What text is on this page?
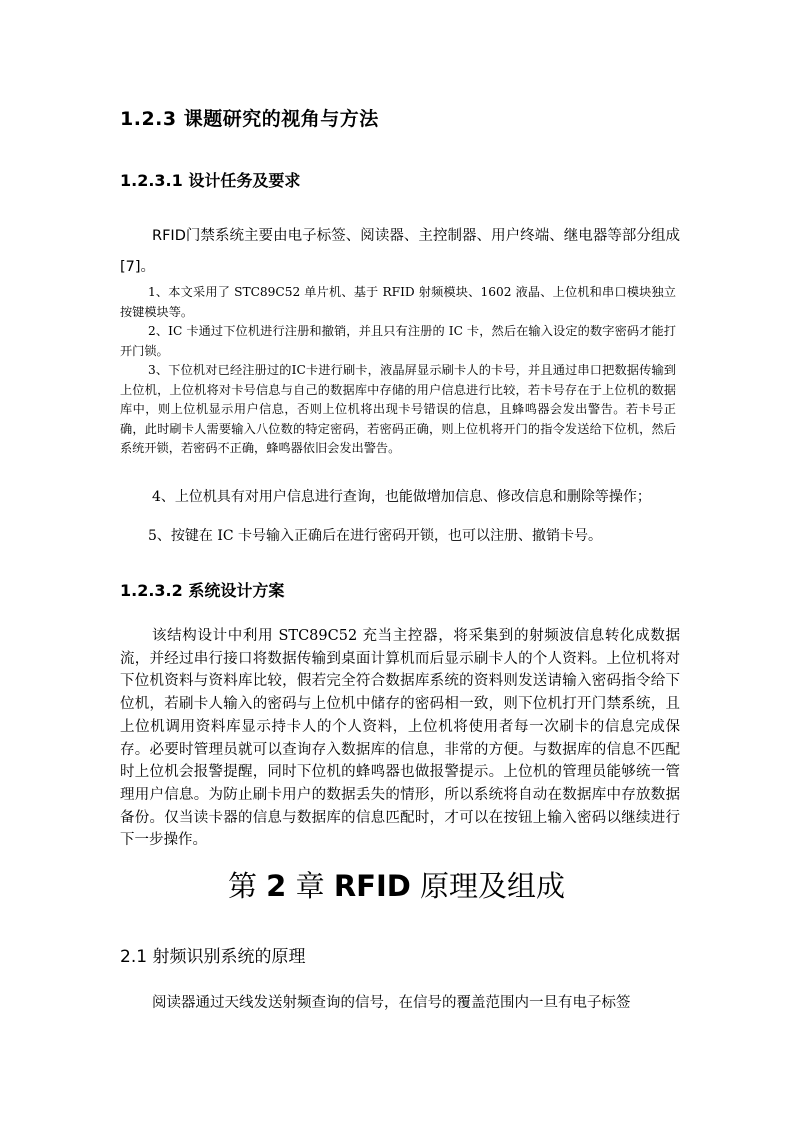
1.2.3 课题研究的视角与方法
1.2.3.1 设计任务及要求

RFID门禁系统主要由电子标签、阅读器、主控制器、用户终端、继电器等部分组成[7]。

1、本文采用了 STC89C52 单片机、基于 RFID 射频模块、1602 液晶、上位机和串口模块独立按键模块等。

2、IC 卡通过下位机进行注册和撤销，并且只有注册的 IC 卡，然后在输入设定的数字密码才能打开门锁。

3、下位机对已经注册过的IC卡进行刷卡，液晶屏显示刷卡人的卡号，并且通过串口把数据传输到上位机，上位机将对卡号信息与自己的数据库中存储的用户信息进行比较，若卡号存在于上位机的数据库中，则上位机显示用户信息，否则上位机将出现卡号错误的信息，且蜂鸣器会发出警告。若卡号正确，此时刷卡人需要输入八位数的特定密码，若密码正确，则上位机将开门的指令发送给下位机，然后系统开锁，若密码不正确，蜂鸣器依旧会发出警告。

4、上位机具有对用户信息进行查询，也能做增加信息、修改信息和删除等操作；

5、按键在 IC 卡号输入正确后在进行密码开锁，也可以注册、撤销卡号。

1.2.3.2 系统设计方案

该结构设计中利用 STC89C52 充当主控器，将采集到的射频波信息转化成数据流，并经过串行接口将数据传输到桌面计算机而后显示刷卡人的个人资料。上位机将对下位机资料与资料库比较，假若完全符合数据库系统的资料则发送请输入密码指令给下位机，若刷卡人输入的密码与上位机中储存的密码相一致，则下位机打开门禁系统，且上位机调用资料库显示持卡人的个人资料，上位机将使用者每一次刷卡的信息完成保存。必要时管理员就可以查询存入数据库的信息，非常的方便。与数据库的信息不匹配时上位机会报警提醒，同时下位机的蜂鸣器也做报警提示。上位机的管理员能够统一管理用户信息。为防止刷卡用户的数据丢失的情形，所以系统将自动在数据库中存放数据备份。仅当读卡器的信息与数据库的信息匹配时，才可以在按钮上输入密码以继续进行下一步操作。

第 2 章 RFID 原理及组成
2.1 射频识别系统的原理

阅读器通过天线发送射频查询的信号，在信号的覆盖范围内一旦有电子标签
